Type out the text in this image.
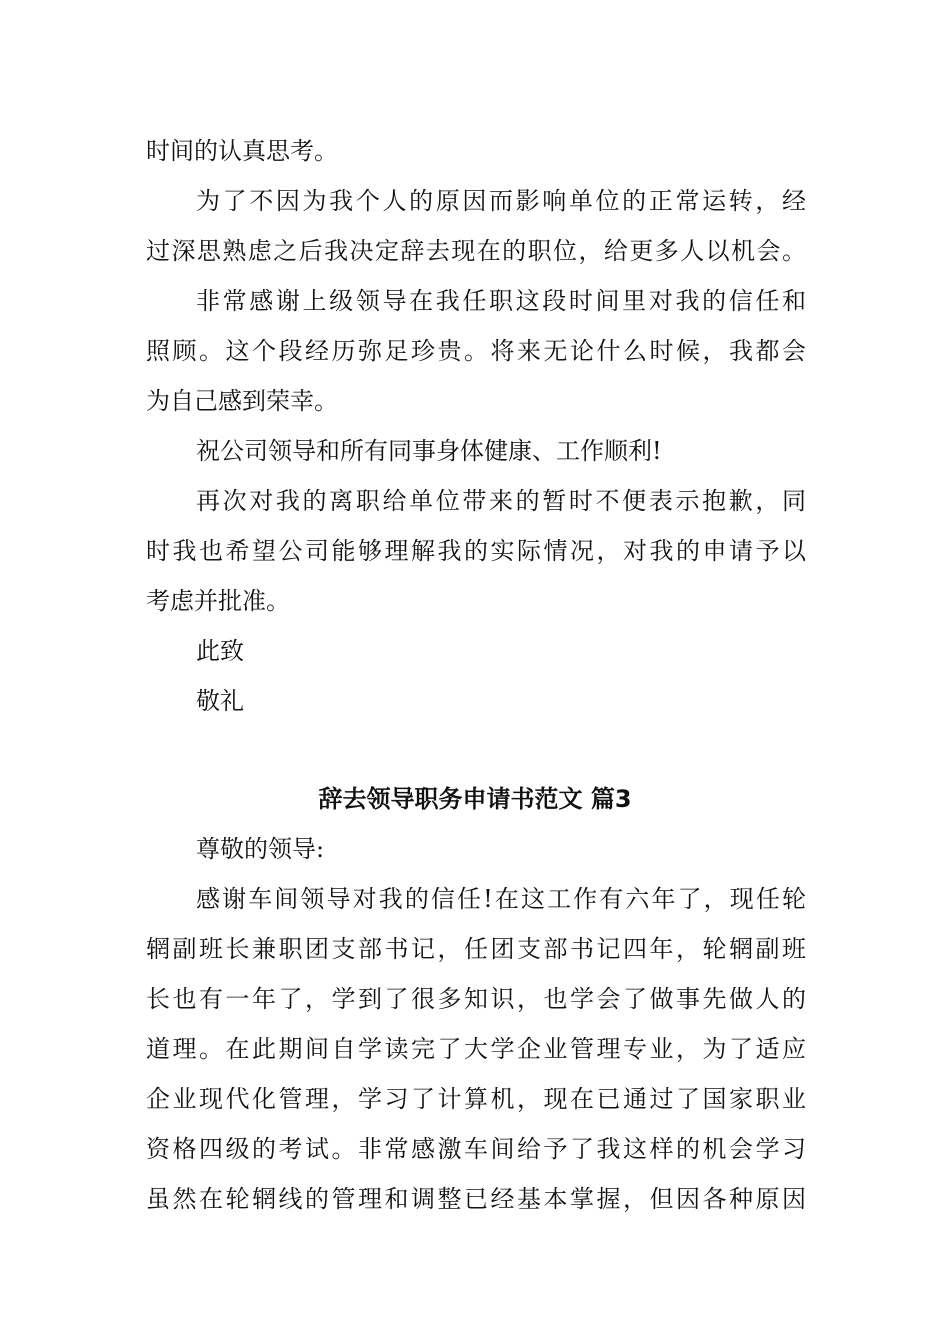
时间的认真思考。
为了不因为我个人的原因而影响单位的正常运转，经
过深思熟虑之后我决定辞去现在的职位，给更多人以机会。
非常感谢上级领导在我任职这段时间里对我的信任和
照顾。这个段经历弥足珍贵。将来无论什么时候，我都会
为自己感到荣幸。
祝公司领导和所有同事身体健康、工作顺利!
再次对我的离职给单位带来的暂时不便表示抱歉，同
时我也希望公司能够理解我的实际情况，对我的申请予以
考虑并批准。
此致
敬礼
辞去领导职务申请书范文 篇3
尊敬的领导:
感谢车间领导对我的信任!在这工作有六年了，现任轮
辋副班长兼职团支部书记，任团支部书记四年，轮辋副班
长也有一年了，学到了很多知识，也学会了做事先做人的
道理。在此期间自学读完了大学企业管理专业，为了适应
企业现代化管理，学习了计算机，现在已通过了国家职业
资格四级的考试。非常感激车间给予了我这样的机会学习
虽然在轮辋线的管理和调整已经基本掌握，但因各种原因
